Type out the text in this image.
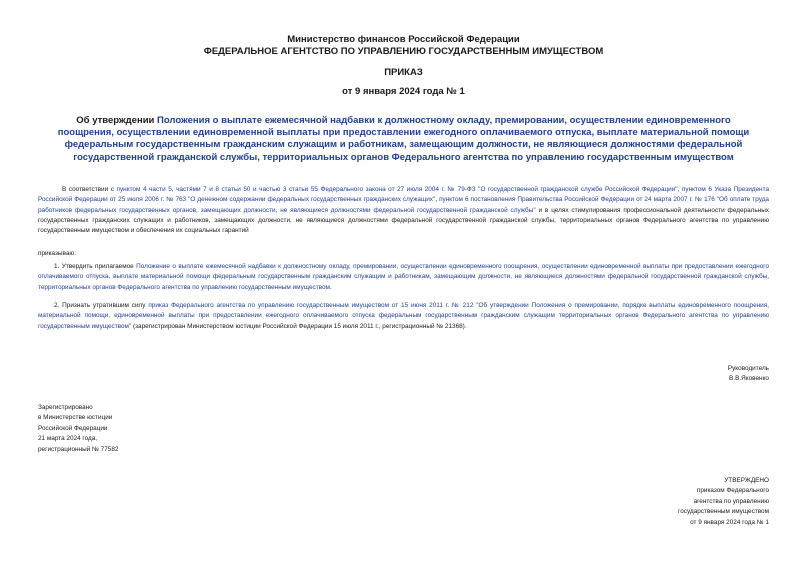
Министерство финансов Российской Федерации
ФЕДЕРАЛЬНОЕ АГЕНТСТВО ПО УПРАВЛЕНИЮ ГОСУДАРСТВЕННЫМ ИМУЩЕСТВОМ
ПРИКАЗ
от 9 января 2024 года № 1
Об утверждении Положения о выплате ежемесячной надбавки к должностному окладу, премировании, осуществлении единовременного поощрения, осуществлении единовременной выплаты при предоставлении ежегодного оплачиваемого отпуска, выплате материальной помощи федеральным государственным гражданским служащим и работникам, замещающим должности, не являющиеся должностями федеральной государственной гражданской службы, территориальных органов Федерального агентства по управлению государственным имуществом
В соответствии с пунктом 4 части 5, частями 7 и 8 статьи 50 и частью 3 статьи 55 Федерального закона от 27 июля 2004 г. № 79-ФЗ "О государственной гражданской службе Российской Федерации", пунктом 6 Указа Президента Российской Федерации от 25 июля 2006 г. № 763 "О денежном содержании федеральных государственных гражданских служащих", пунктом 6 постановления Правительства Российской Федерации от 24 марта 2007 г. № 176 "Об оплате труда работников федеральных государственных органов, замещающих должности, не являющиеся должностями федеральной государственной гражданской службы" и в целях стимулирования профессиональной деятельности федеральных государственных гражданских служащих и работников, замещающих должности, не являющиеся должностями федеральной государственной гражданской службы, территориальных органов Федерального агентства по управлению государственным имуществом и обеспечения их социальных гарантий
приказываю:
1. Утвердить прилагаемое Положение о выплате ежемесячной надбавки к должностному окладу, премировании, осуществлении единовременного поощрения, осуществлении единовременной выплаты при предоставлении ежегодного оплачиваемого отпуска, выплате материальной помощи федеральным государственным гражданским служащим и работникам, замещающим должности, не являющиеся должностями федеральной государственной гражданской службы, территориальных органов Федерального агентства по управлению государственным имуществом.
2. Признать утратившим силу приказ Федерального агентства по управлению государственным имуществом от 15 июня 2011 г. № 212 "Об утверждении Положения о премировании, порядке выплаты единовременного поощрения, материальной помощи, единовременной выплаты при предоставлении ежегодного оплачиваемого отпуска федеральным государственным гражданским служащим территориальных органов Федерального агентства по управлению государственным имуществом" (зарегистрирован Министерством юстиции Российской Федерации 15 июля 2011 г., регистрационный № 21368).
Руководитель
В.В.Яковенко
Зарегистрировано
в Министерстве юстиции
Российской Федерации
21 марта 2024 года,
регистрационный № 77582
УТВЕРЖДЕНО
приказом Федерального
агентства по управлению
государственным имуществом
от 9 января 2024 года № 1
